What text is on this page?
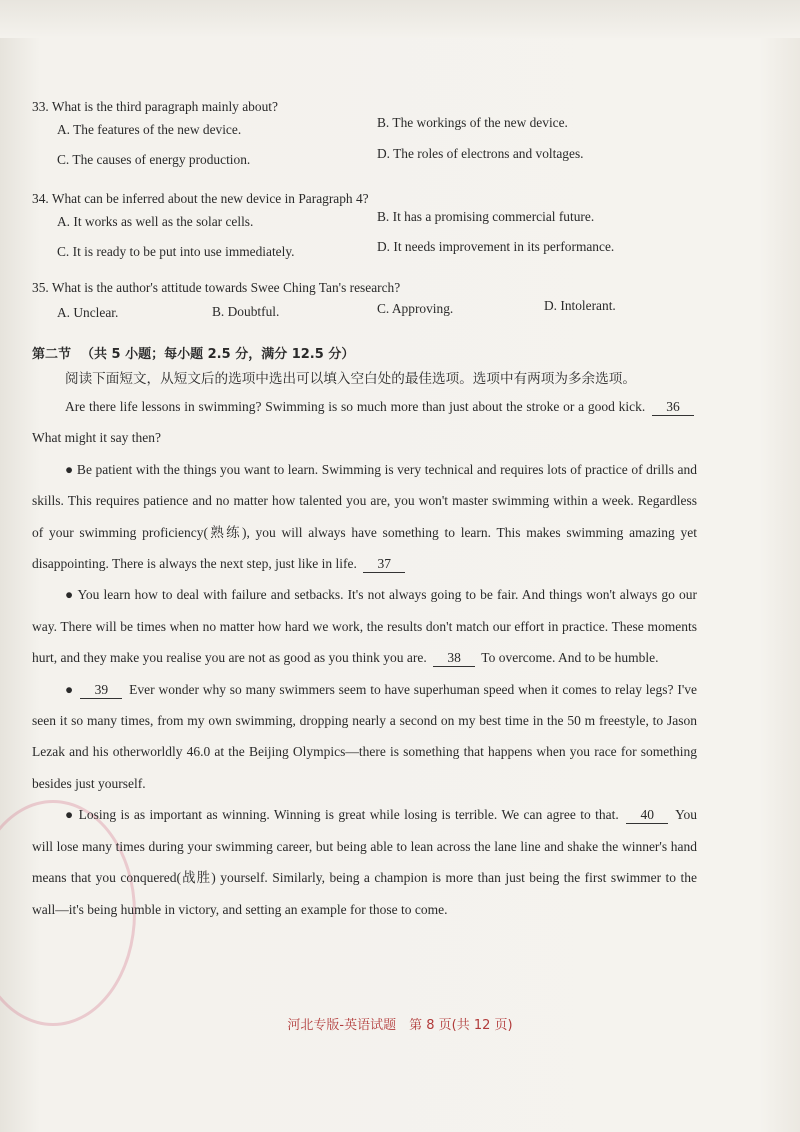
33. What is the third paragraph mainly about?
A. The features of the new device.	B. The workings of the new device.
C. The causes of energy production.	D. The roles of electrons and voltages.
34. What can be inferred about the new device in Paragraph 4?
A. It works as well as the solar cells.	B. It has a promising commercial future.
C. It is ready to be put into use immediately.	D. It needs improvement in its performance.
35. What is the author's attitude towards Swee Ching Tan's research?
A. Unclear.	B. Doubtful.	C. Approving.	D. Intolerant.
第二节 （共 5 小题；每小题 2.5 分，满分 12.5 分）
阅读下面短文，从短文后的选项中选出可以填入空白处的最佳选项。选项中有两项为多余选项。
Are there life lessons in swimming? Swimming is so much more than just about the stroke or a good kick. 36 What might it say then?
● Be patient with the things you want to learn. Swimming is very technical and requires lots of practice of drills and skills. This requires patience and no matter how talented you are, you won't master swimming within a week. Regardless of your swimming proficiency(熟练), you will always have something to learn. This makes swimming amazing yet disappointing. There is always the next step, just like in life. 37
● You learn how to deal with failure and setbacks. It's not always going to be fair. And things won't always go our way. There will be times when no matter how hard we work, the results don't match our effort in practice. These moments hurt, and they make you realise you are not as good as you think you are. 38 To overcome. And to be humble.
● 39 Ever wonder why so many swimmers seem to have superhuman speed when it comes to relay legs? I've seen it so many times, from my own swimming, dropping nearly a second on my best time in the 50 m freestyle, to Jason Lezak and his otherworldly 46.0 at the Beijing Olympics—there is something that happens when you race for something besides just yourself.
● Losing is as important as winning. Winning is great while losing is terrible. We can agree to that. 40 You will lose many times during your swimming career, but being able to lean across the lane line and shake the winner's hand means that you conquered(战胜) yourself. Similarly, being a champion is more than just being the first swimmer to the wall—it's being humble in victory, and setting an example for those to come.
河北专版-英语试题　第 8 页(共 12 页)
